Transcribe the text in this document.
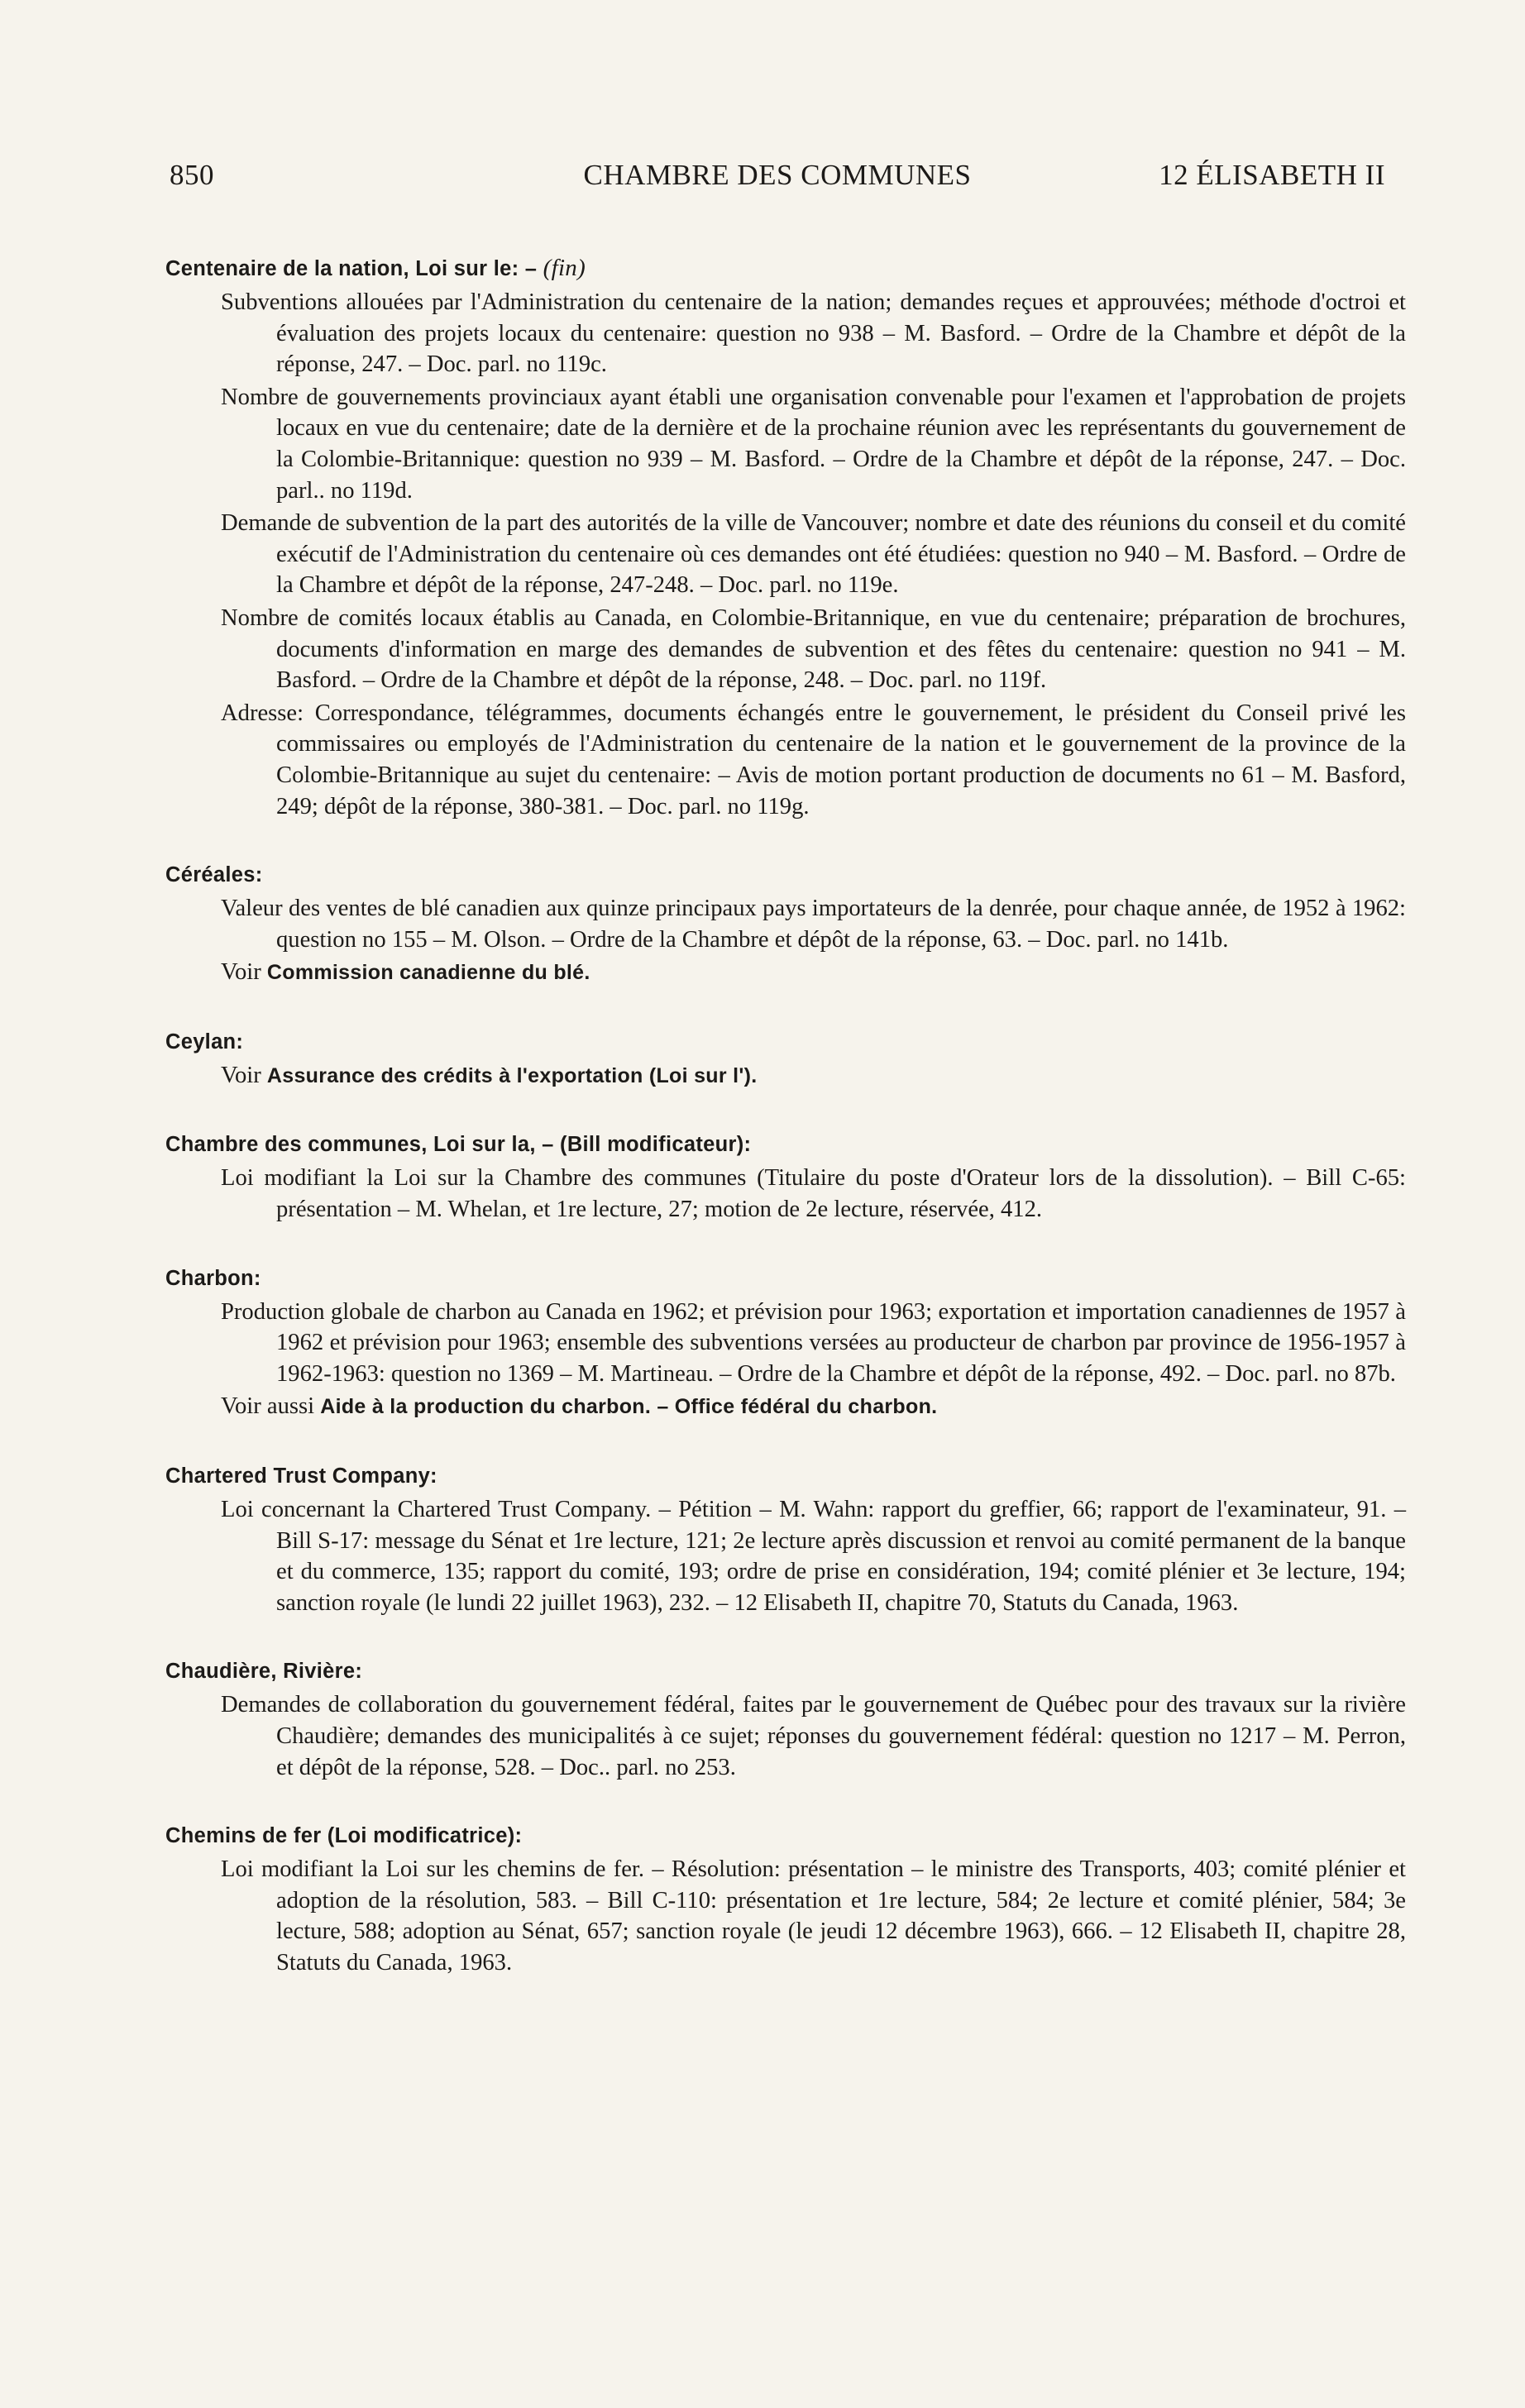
850	CHAMBRE DES COMMUNES	12 ÉLISABETH II
Centenaire de la nation, Loi sur le: – (fin)
Subventions allouées par l'Administration du centenaire de la nation; demandes reçues et approuvées; méthode d'octroi et évaluation des projets locaux du centenaire: question no 938 – M. Basford. – Ordre de la Chambre et dépôt de la réponse, 247. – Doc. parl. no 119c.
Nombre de gouvernements provinciaux ayant établi une organisation convenable pour l'examen et l'approbation de projets locaux en vue du centenaire; date de la dernière et de la prochaine réunion avec les représentants du gouvernement de la Colombie-Britannique: question no 939 – M. Basford. – Ordre de la Chambre et dépôt de la réponse, 247. – Doc. parl.. no 119d.
Demande de subvention de la part des autorités de la ville de Vancouver; nombre et date des réunions du conseil et du comité exécutif de l'Administration du centenaire où ces demandes ont été étudiées: question no 940 – M. Basford. – Ordre de la Chambre et dépôt de la réponse, 247-248. – Doc. parl. no 119e.
Nombre de comités locaux établis au Canada, en Colombie-Britannique, en vue du centenaire; préparation de brochures, documents d'information en marge des demandes de subvention et des fêtes du centenaire: question no 941 – M. Basford. – Ordre de la Chambre et dépôt de la réponse, 248. – Doc. parl. no 119f.
Adresse: Correspondance, télégrammes, documents échangés entre le gouvernement, le président du Conseil privé les commissaires ou employés de l'Administration du centenaire de la nation et le gouvernement de la province de la Colombie-Britannique au sujet du centenaire: – Avis de motion portant production de documents no 61 – M. Basford, 249; dépôt de la réponse, 380-381. – Doc. parl. no 119g.
Céréales:
Valeur des ventes de blé canadien aux quinze principaux pays importateurs de la denrée, pour chaque année, de 1952 à 1962: question no 155 – M. Olson. – Ordre de la Chambre et dépôt de la réponse, 63. – Doc. parl. no 141b.
Voir Commission canadienne du blé.
Ceylan:
Voir Assurance des crédits à l'exportation (Loi sur l').
Chambre des communes, Loi sur la, – (Bill modificateur):
Loi modifiant la Loi sur la Chambre des communes (Titulaire du poste d'Orateur lors de la dissolution). – Bill C-65: présentation – M. Whelan, et 1re lecture, 27; motion de 2e lecture, réservée, 412.
Charbon:
Production globale de charbon au Canada en 1962; et prévision pour 1963; exportation et importation canadiennes de 1957 à 1962 et prévision pour 1963; ensemble des subventions versées au producteur de charbon par province de 1956-1957 à 1962-1963: question no 1369 – M. Martineau. – Ordre de la Chambre et dépôt de la réponse, 492. – Doc. parl. no 87b.
Voir aussi Aide à la production du charbon. – Office fédéral du charbon.
Chartered Trust Company:
Loi concernant la Chartered Trust Company. – Pétition – M. Wahn: rapport du greffier, 66; rapport de l'examinateur, 91. – Bill S-17: message du Sénat et 1re lecture, 121; 2e lecture après discussion et renvoi au comité permanent de la banque et du commerce, 135; rapport du comité, 193; ordre de prise en considération, 194; comité plénier et 3e lecture, 194; sanction royale (le lundi 22 juillet 1963), 232. – 12 Elisabeth II, chapitre 70, Statuts du Canada, 1963.
Chaudière, Rivière:
Demandes de collaboration du gouvernement fédéral, faites par le gouvernement de Québec pour des travaux sur la rivière Chaudière; demandes des municipalités à ce sujet; réponses du gouvernement fédéral: question no 1217 – M. Perron, et dépôt de la réponse, 528. – Doc.. parl. no 253.
Chemins de fer (Loi modificatrice):
Loi modifiant la Loi sur les chemins de fer. – Résolution: présentation – le ministre des Transports, 403; comité plénier et adoption de la résolution, 583. – Bill C-110: présentation et 1re lecture, 584; 2e lecture et comité plénier, 584; 3e lecture, 588; adoption au Sénat, 657; sanction royale (le jeudi 12 décembre 1963), 666. – 12 Elisabeth II, chapitre 28, Statuts du Canada, 1963.
